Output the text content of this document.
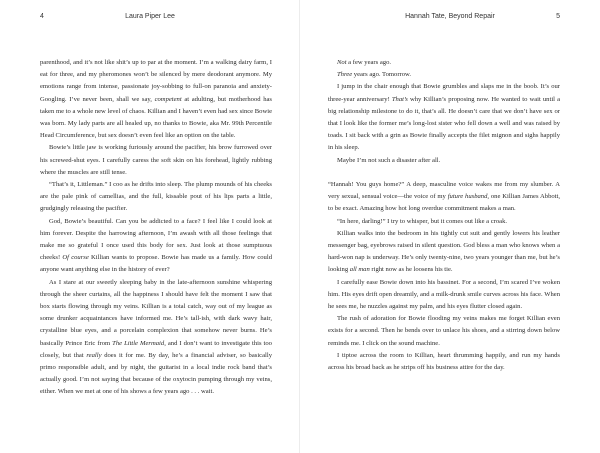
4	Laura Piper Lee

parenthood, and it’s not like shit’s up to par at the moment. I’m a walking dairy farm, I eat for three, and my pheromones won’t be silenced by mere deodorant anymore. My emotions range from intense, passionate joy-sobbing to full-on paranoia and anxiety-Googling. I’ve never been, shall we say, competent at adulting, but motherhood has taken me to a whole new level of chaos. Killian and I haven’t even had sex since Bowie was born. My lady parts are all healed up, no thanks to Bowie, aka Mr. 99th Percentile Head Circumference, but sex doesn’t even feel like an option on the table.

Bowie’s little jaw is working furiously around the pacifier, his brow furrowed over his screwed-shut eyes. I carefully caress the soft skin on his forehead, lightly rubbing where the muscles are still tense.

“That’s it, Littleman.” I coo as he drifts into sleep. The plump mounds of his cheeks are the pale pink of camellias, and the full, kissable pout of his lips parts a little, grudgingly releasing the pacifier.

God, Bowie’s beautiful. Can you be addicted to a face? I feel like I could look at him forever. Despite the harrowing afternoon, I’m awash with all those feelings that make me so grateful I once used this body for sex. Just look at those sumptuous cheeks! Of course Killian wants to propose. Bowie has made us a family. How could anyone want anything else in the history of ever?

As I stare at our sweetly sleeping baby in the late-afternoon sunshine whispering through the sheer curtains, all the happiness I should have felt the moment I saw that box starts flowing through my veins. Killian is a total catch, way out of my league as some drunker acquaintances have informed me. He’s tall-ish, with dark wavy hair, crystalline blue eyes, and a porcelain complexion that somehow never burns. He’s basically Prince Eric from The Little Mermaid, and I don’t want to investigate this too closely, but that really does it for me. By day, he’s a financial adviser, so basically primo responsible adult, and by night, the guitarist in a local indie rock band that’s actually good. I’m not saying that because of the oxytocin pumping through my veins, either. When we met at one of his shows a few years ago . . . wait.

Hannah Tate, Beyond Repair	5

Not a few years ago.

Three years ago. Tomorrow.

I jump in the chair enough that Bowie grumbles and slaps me in the boob. It’s our three-year anniversary! That’s why Killian’s proposing now. He wanted to wait until a big relationship milestone to do it, that’s all. He doesn’t care that we don’t have sex or that I look like the former me’s long-lost sister who fell down a well and was raised by toads. I sit back with a grin as Bowie finally accepts the filet mignon and sighs happily in his sleep.

Maybe I’m not such a disaster after all.

“Hannah! You guys home?” A deep, masculine voice wakes me from my slumber. A very sexual, sensual voice—the voice of my future husband, one Killian James Abbott, to be exact. Amazing how hot long overdue commitment makes a man.

“In here, darling!” I try to whisper, but it comes out like a croak.

Killian walks into the bedroom in his tightly cut suit and gently lowers his leather messenger bag, eyebrows raised in silent question. God bless a man who knows when a hard-won nap is underway. He’s only twenty-nine, two years younger than me, but he’s looking all man right now as he loosens his tie.

I carefully ease Bowie down into his bassinet. For a second, I’m scared I’ve woken him. His eyes drift open dreamily, and a milk-drunk smile curves across his face. When he sees me, he nuzzles against my palm, and his eyes flutter closed again.

The rush of adoration for Bowie flooding my veins makes me forget Killian even exists for a second. Then he bends over to unlace his shoes, and a stirring down below reminds me. I click on the sound machine.

I tiptoe across the room to Killian, heart thrumming happily, and run my hands across his broad back as he strips off his business attire for the day.
